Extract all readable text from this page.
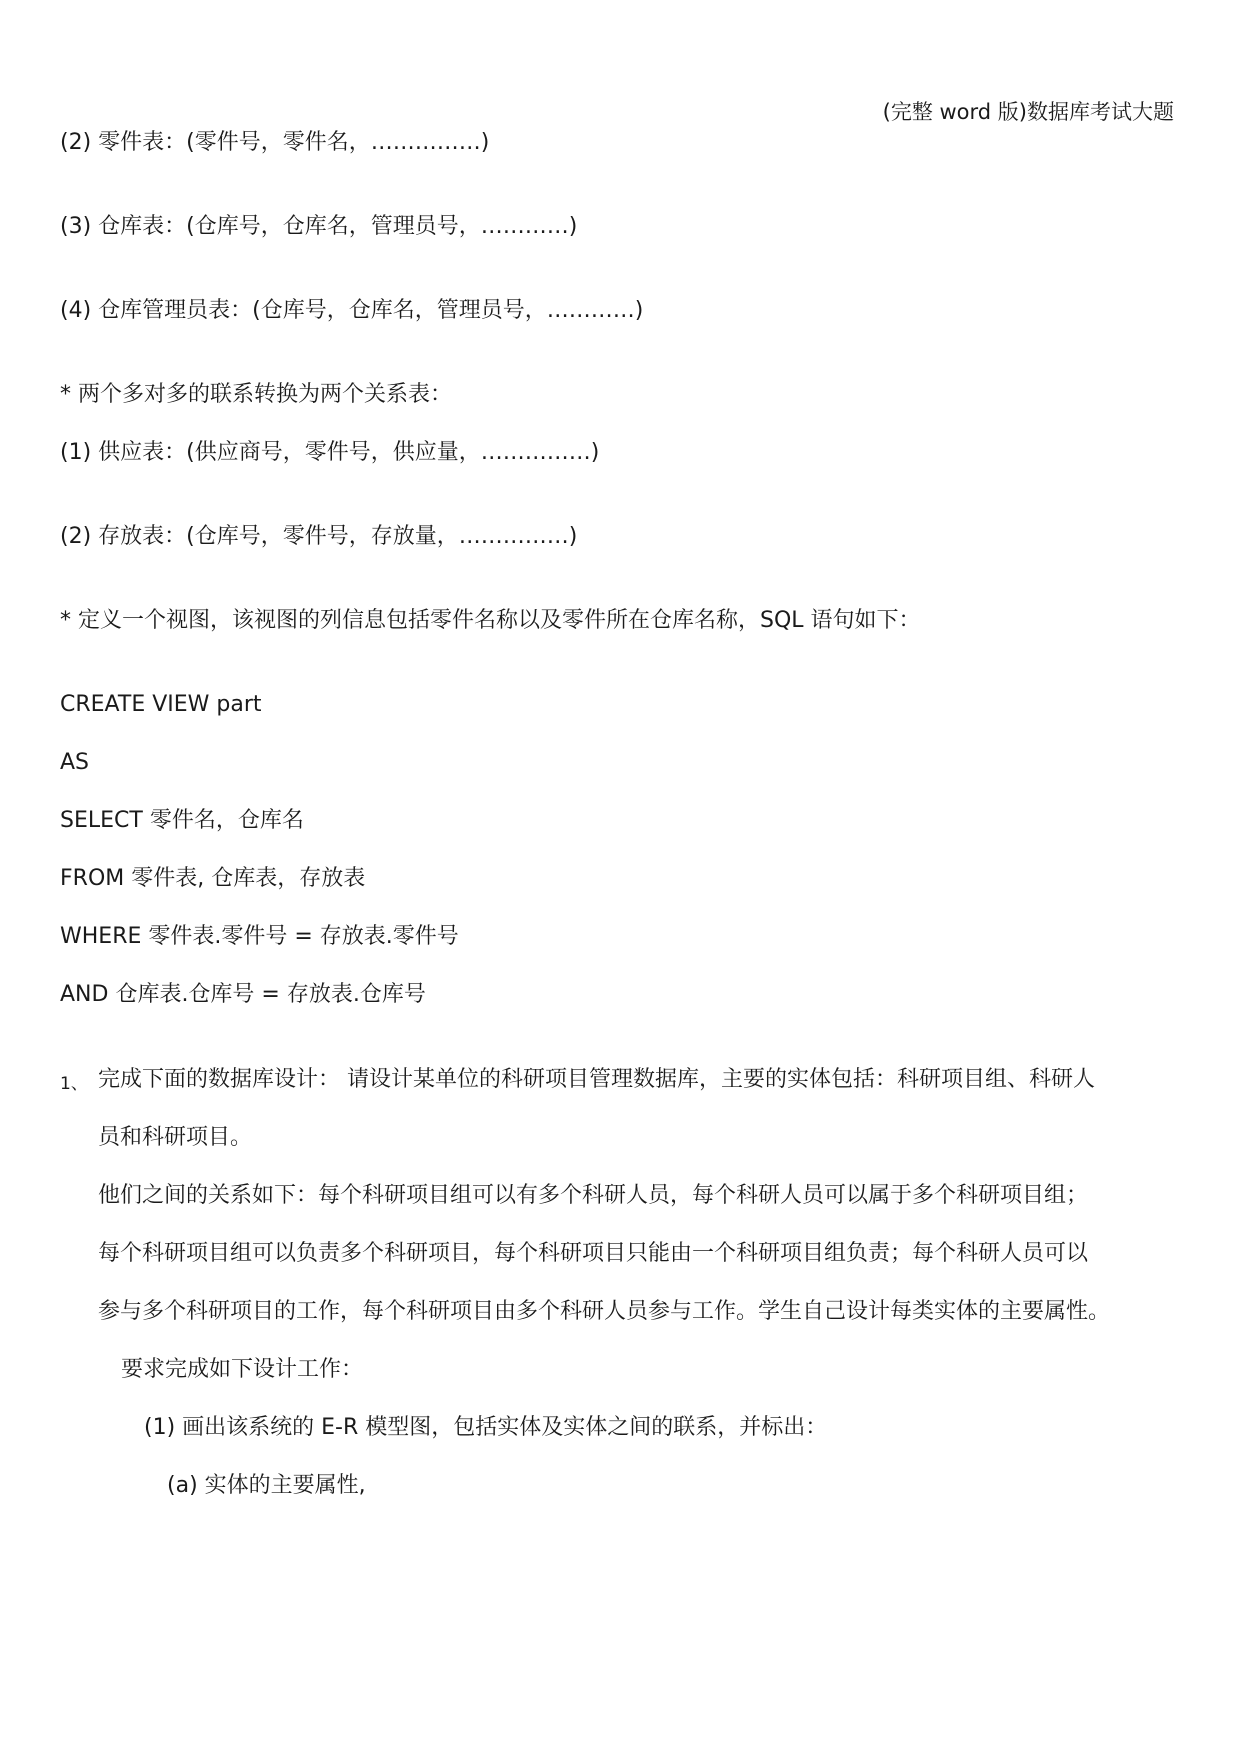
(完整 word 版)数据库考试大题
(2) 零件表：(零件号，零件名，……………)
(3) 仓库表：(仓库号，仓库名，管理员号，…………)
(4) 仓库管理员表：(仓库号，仓库名，管理员号，…………)
* 两个多对多的联系转换为两个关系表：
(1) 供应表：(供应商号，零件号，供应量，……………)
(2) 存放表：(仓库号，零件号，存放量，……………)
* 定义一个视图，该视图的列信息包括零件名称以及零件所在仓库名称，SQL 语句如下：
CREATE VIEW part
AS
SELECT 零件名，仓库名
FROM 零件表, 仓库表，存放表
WHERE 零件表.零件号 = 存放表.零件号
AND 仓库表.仓库号 = 存放表.仓库号
1、 完成下面的数据库设计： 请设计某单位的科研项目管理数据库，主要的实体包括：科研项目组、科研人
员和科研项目。
他们之间的关系如下：每个科研项目组可以有多个科研人员，每个科研人员可以属于多个科研项目组；
每个科研项目组可以负责多个科研项目，每个科研项目只能由一个科研项目组负责；每个科研人员可以
参与多个科研项目的工作，每个科研项目由多个科研人员参与工作。学生自己设计每类实体的主要属性。
要求完成如下设计工作：
(1) 画出该系统的 E-R 模型图，包括实体及实体之间的联系，并标出：
(a) 实体的主要属性,
